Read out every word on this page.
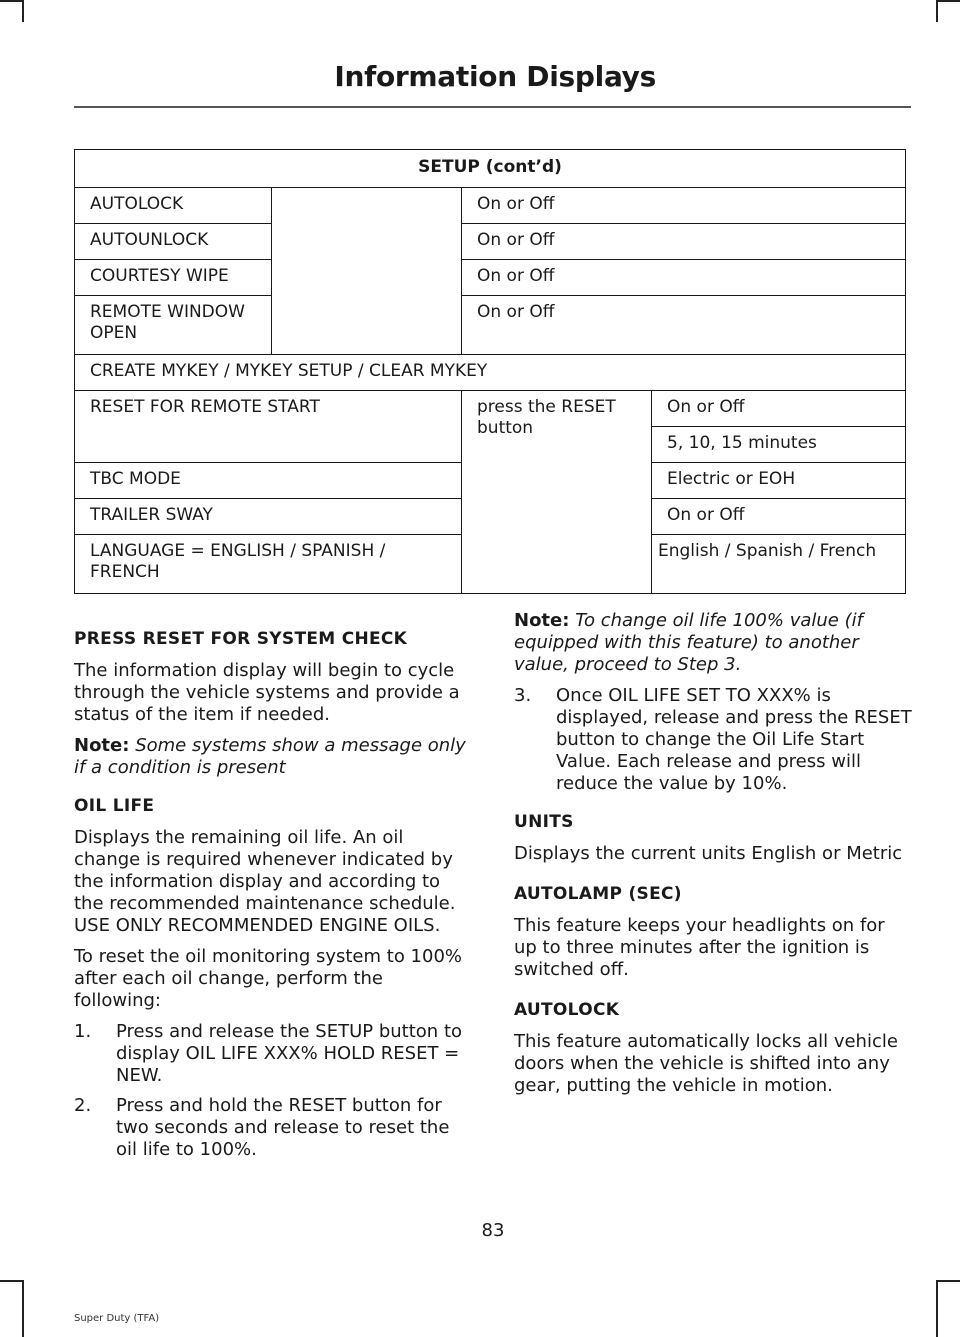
Information Displays
SETUP (cont’d)			
AUTOLOCK		On or Off	
AUTOUNLOCK		On or Off	
COURTESY WIPE		On or Off	
REMOTE WINDOW OPEN		On or Off	
CREATE MYKEY / MYKEY SETUP / CLEAR MYKEY			
RESET FOR REMOTE START		press the RESET button	On or Off
			5, 10, 15 minutes
TBC MODE			Electric or EOH
TRAILER SWAY			On or Off
LANGUAGE = ENGLISH / SPANISH / FRENCH			English / Spanish / French
PRESS RESET FOR SYSTEM CHECK

The information display will begin to cycle through the vehicle systems and provide a status of the item if needed.

Note: Some systems show a message only if a condition is present

OIL LIFE

Displays the remaining oil life. An oil change is required whenever indicated by the information display and according to the recommended maintenance schedule. USE ONLY RECOMMENDED ENGINE OILS.

To reset the oil monitoring system to 100% after each oil change, perform the following:

1. Press and release the SETUP button to display OIL LIFE XXX% HOLD RESET = NEW.
2. Press and hold the RESET button for two seconds and release to reset the oil life to 100%.

Note: To change oil life 100% value (if equipped with this feature) to another value, proceed to Step 3.

3. Once OIL LIFE SET TO XXX% is displayed, release and press the RESET button to change the Oil Life Start Value. Each release and press will reduce the value by 10%.
UNITS

Displays the current units English or Metric

AUTOLAMP (SEC)

This feature keeps your headlights on for up to three minutes after the ignition is switched off.

AUTOLOCK

This feature automatically locks all vehicle doors when the vehicle is shifted into any gear, putting the vehicle in motion.

83
Super Duty (TFA)
